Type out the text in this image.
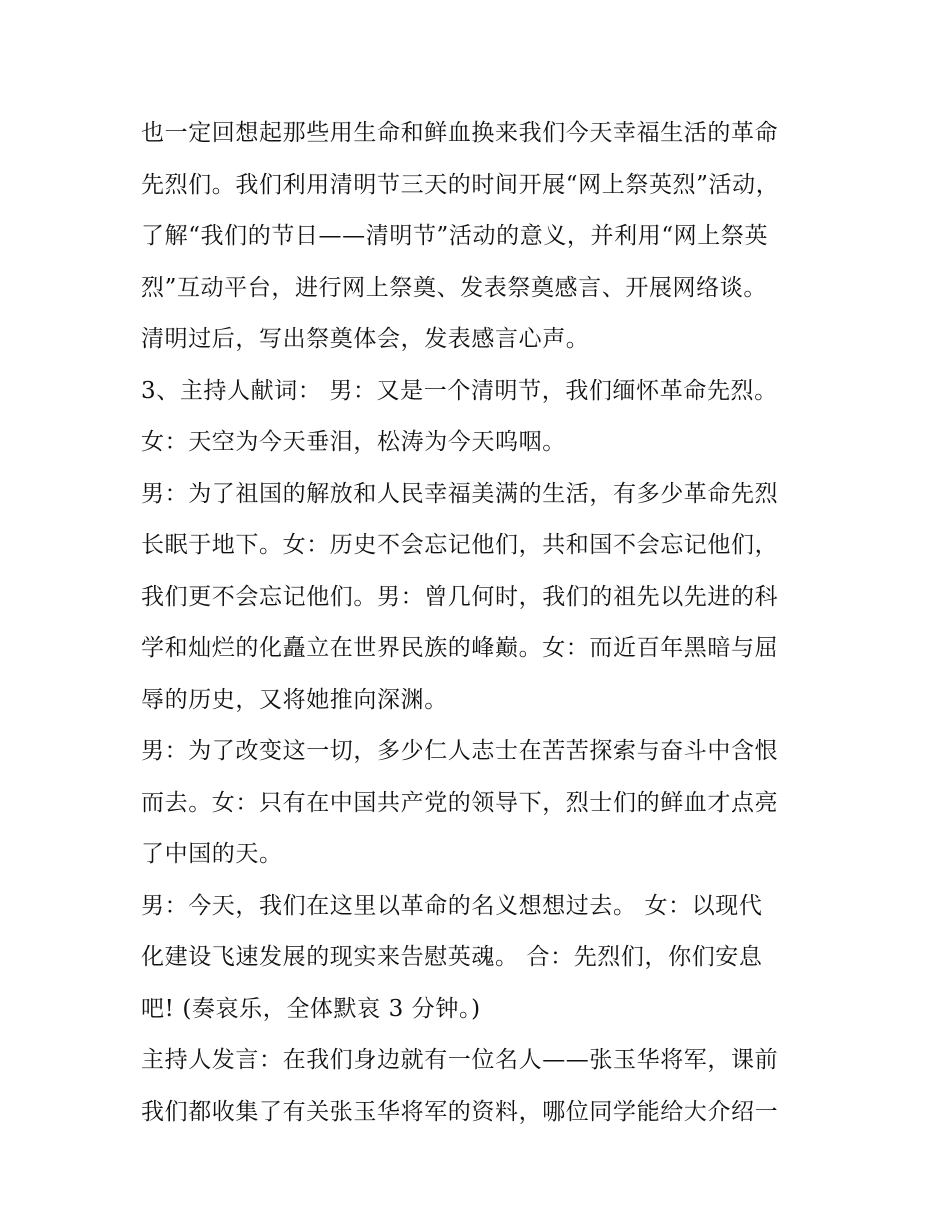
也一定回想起那些用生命和鲜血换来我们今天幸福生活的革命

先烈们。我们利用清明节三天的时间开展“网上祭英烈”活动，

了解“我们的节日——清明节”活动的意义，并利用“网上祭英

烈”互动平台，进行网上祭奠、发表祭奠感言、开展网络谈。

清明过后，写出祭奠体会，发表感言心声。

3、主持人献词： 男：又是一个清明节，我们缅怀革命先烈。

女：天空为今天垂泪，松涛为今天呜咽。

男：为了祖国的解放和人民幸福美满的生活，有多少革命先烈

长眠于地下。女：历史不会忘记他们，共和国不会忘记他们，

我们更不会忘记他们。男：曾几何时，我们的祖先以先进的科

学和灿烂的化矗立在世界民族的峰巅。女：而近百年黑暗与屈

辱的历史，又将她推向深渊。

男：为了改变这一切，多少仁人志士在苦苦探索与奋斗中含恨

而去。女：只有在中国共产党的领导下，烈士们的鲜血才点亮

了中国的天。

男：今天，我们在这里以革命的名义想想过去。 女：以现代

化建设飞速发展的现实来告慰英魂。 合：先烈们，你们安息

吧! (奏哀乐，全体默哀 3 分钟。)

主持人发言：在我们身边就有一位名人——张玉华将军，课前

我们都收集了有关张玉华将军的资料，哪位同学能给大介绍一
